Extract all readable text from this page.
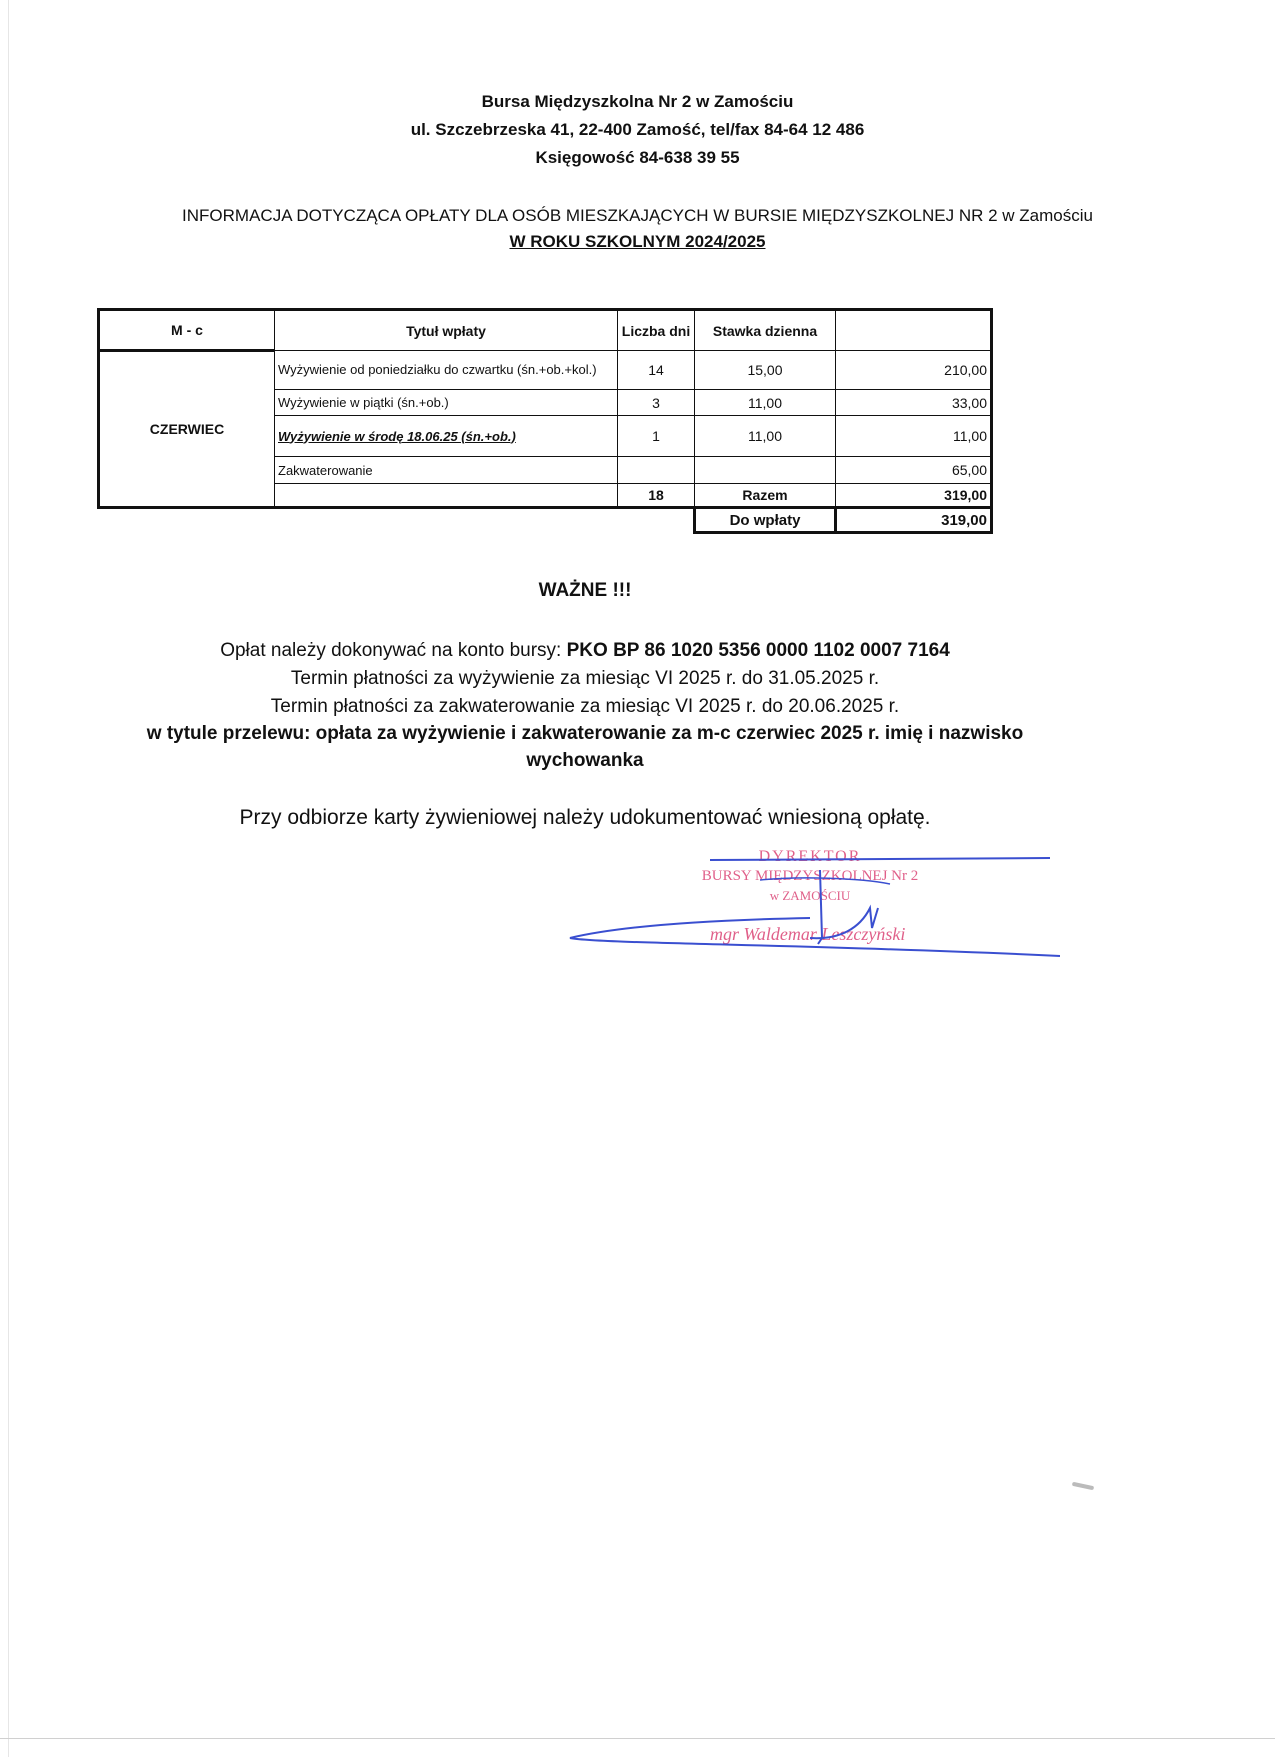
Bursa Międzyszkolna Nr 2 w Zamościu
ul. Szczebrzeska 41, 22-400 Zamość, tel/fax 84-64 12 486
Księgowość 84-638 39 55
INFORMACJA DOTYCZĄCA OPŁATY DLA OSÓB MIESZKAJĄCYCH W BURSIE MIĘDZYSZKOLNEJ NR 2 w Zamościu
W ROKU SZKOLNYM 2024/2025
M - c	Tytuł wpłaty	Liczba dni	Stawka dzienna	
CZERWIEC	Wyżywienie od poniedziałku do czwartku (śn.+ob.+kol.)	14	15,00	210,00
	Wyżywienie w piątki (śn.+ob.)	3	11,00	33,00
	Wyżywienie w środę 18.06.25 (śn.+ob.)	1	11,00	11,00
	Zakwaterowanie			65,00
		18	Razem	319,00
			Do wpłaty	319,00
WAŻNE !!!
Opłat należy dokonywać na konto bursy: PKO BP 86 1020 5356 0000 1102 0007 7164
Termin płatności za wyżywienie za miesiąc VI 2025 r. do 31.05.2025 r.
Termin płatności za zakwaterowanie za miesiąc VI 2025 r. do 20.06.2025 r.
w tytule przelewu: opłata za wyżywienie i zakwaterowanie za m-c czerwiec 2025 r. imię i nazwisko
wychowanka
Przy odbiorze karty żywieniowej należy udokumentować wniesioną opłatę.
DYREKTOR
BURSY MIĘDZYSZKOLNEJ Nr 2
w ZAMOŚCIU
mgr Waldemar Leszczyński
